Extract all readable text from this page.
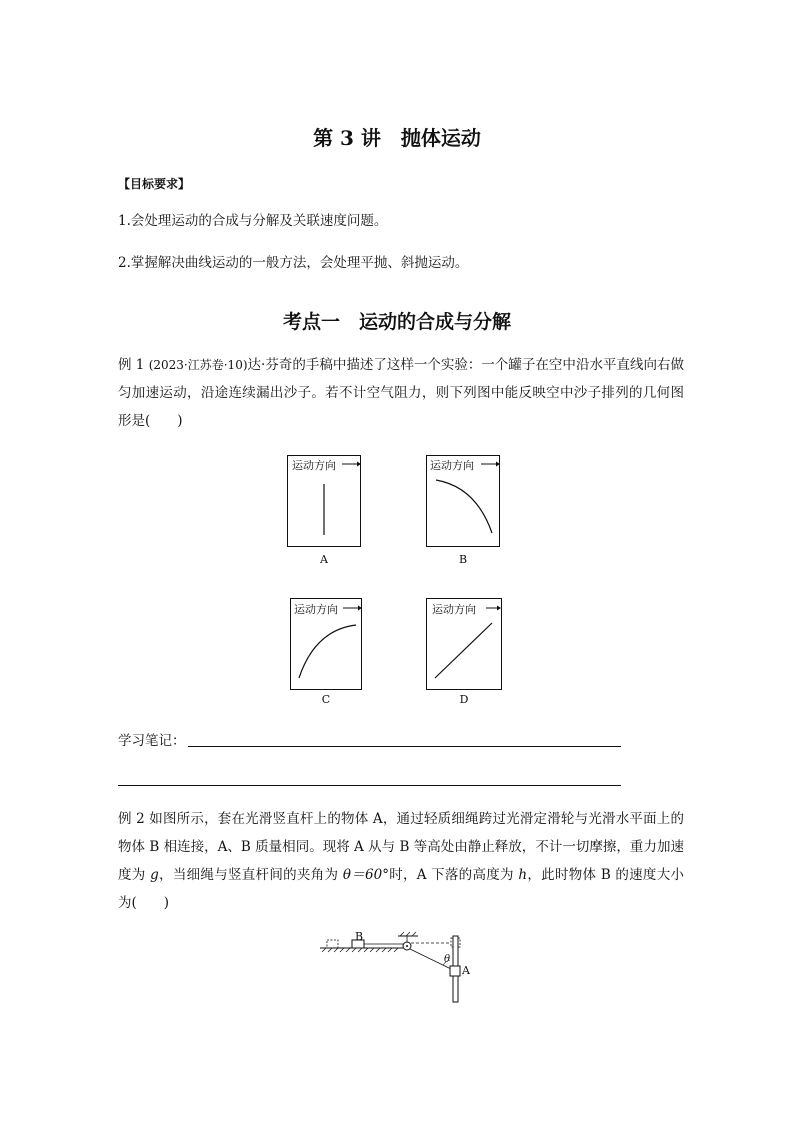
第 3 讲　抛体运动
【目标要求】
1.会处理运动的合成与分解及关联速度问题。
2.掌握解决曲线运动的一般方法，会处理平抛、斜抛运动。
考点一　运动的合成与分解
例 1 (2023·江苏卷·10)达·芬奇的手稿中描述了这样一个实验：一个罐子在空中沿水平直线向右做匀加速运动，沿途连续漏出沙子。若不计空气阻力，则下列图中能反映空中沙子排列的几何图形是(　　)
运动方向
A
运动方向
B
运动方向
C
运动方向
D
学习笔记：
例 2 如图所示，套在光滑竖直杆上的物体 A，通过轻质细绳跨过光滑定滑轮与光滑水平面上的物体 B 相连接，A、B 质量相同。现将 A 从与 B 等高处由静止释放，不计一切摩擦，重力加速度为 g，当细绳与竖直杆间的夹角为 θ＝60°时，A 下落的高度为 h，此时物体 B 的速度大小为(　　)
B
A
θ
